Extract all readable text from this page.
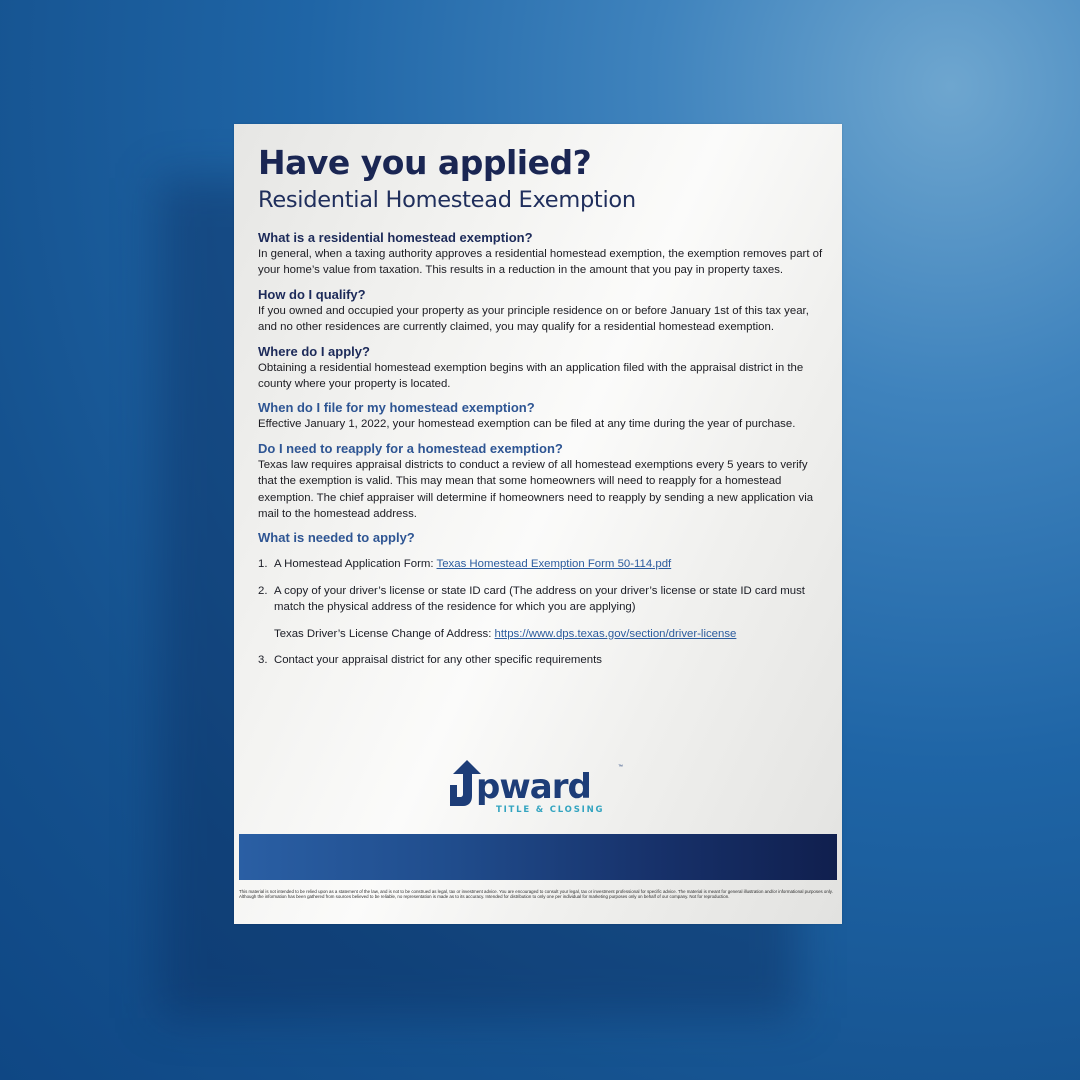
Have you applied?
Residential Homestead Exemption
What is a residential homestead exemption?
In general, when a taxing authority approves a residential homestead exemption, the exemption removes part of your home’s value from taxation. This results in a reduction in the amount that you pay in property taxes.
How do I qualify?
If you owned and occupied your property as your principle residence on or before January 1st of this tax year, and no other residences are currently claimed, you may qualify for a residential homestead exemption.
Where do I apply?
Obtaining a residential homestead exemption begins with an application filed with the appraisal district in the county where your property is located.
When do I file for my homestead exemption?
Effective January 1, 2022, your homestead exemption can be filed at any time during the year of purchase.
Do I need to reapply for a homestead exemption?
Texas law requires appraisal districts to conduct a review of all homestead exemptions every 5 years to verify that the exemption is valid. This may mean that some homeowners will need to reapply for a homestead exemption. The chief appraiser will determine if homeowners need to reapply by sending a new application via mail to the homestead address.
What is needed to apply?
1. A Homestead Application Form: Texas Homestead Exemption Form 50-114.pdf
2. A copy of your driver’s license or state ID card (The address on your driver’s license or state ID card must match the physical address of the residence for which you are applying)
Texas Driver’s License Change of Address: https://www.dps.texas.gov/section/driver-license
3. Contact your appraisal district for any other specific requirements
pward	™
TITLE & CLOSING
This material is not intended to be relied upon as a statement of the law, and is not to be construed as legal, tax or investment advice. You are encouraged to consult your legal, tax or investment professional for specific advice. The material is meant for general illustration and/or informational purposes only. Although the information has been gathered from sources believed to be reliable, no representation is made as to its accuracy. Intended for distribution to only one per individual for marketing purposes only on behalf of our company. Not for reproduction.
